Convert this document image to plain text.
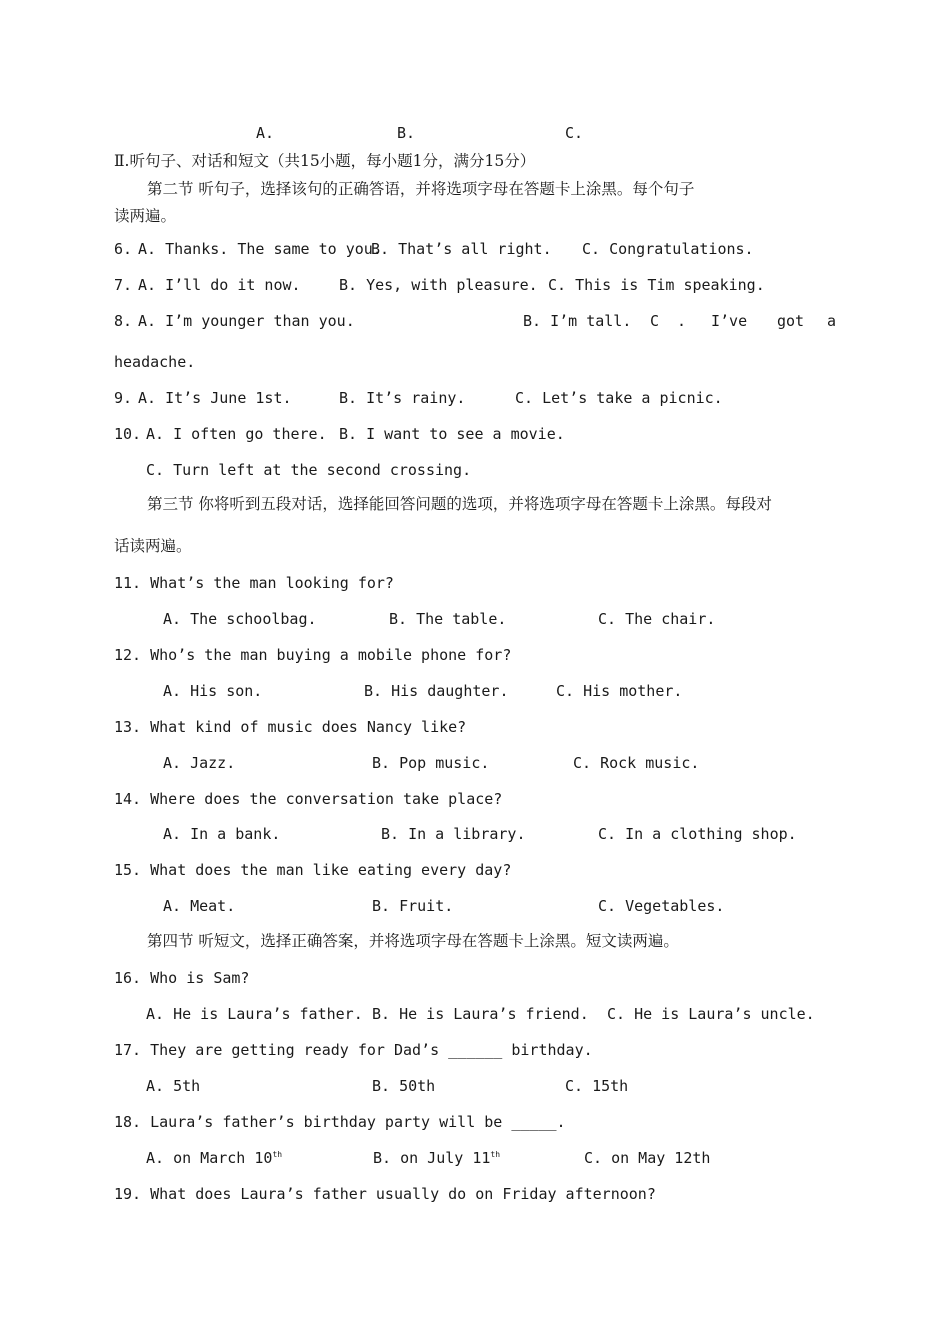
A.	B.	C.
Ⅱ.听句子、对话和短文（共15小题，每小题1分，满分15分）
第二节 听句子，选择该句的正确答语，并将选项字母在答题卡上涂黑。每个句子
读两遍。
6. A. Thanks. The same to you.
B. That’s all right. C. Congratulations.
7. A. I’ll do it now.	B. Yes, with pleasure. C. This is Tim speaking.
8. A. I’m younger than you.	B. I’m tall. C . I’ve got a
headache.
9. A. It’s June 1st.	B. It’s rainy.	C. Let’s take a picnic.
10. A. I often go there. B. I want to see a movie.
C. Turn left at the second crossing.
第三节 你将听到五段对话，选择能回答问题的选项，并将选项字母在答题卡上涂黑。每段对
话读两遍。
11. What’s the man looking for?
A. The schoolbag.	B. The table.	C. The chair.
12. Who’s the man buying a mobile phone for?
A. His son.	B. His daughter.	C. His mother.
13. What kind of music does Nancy like?
A. Jazz.	B. Pop music.	C. Rock music.
14. Where does the conversation take place?
A. In a bank.	B. In a library.	C. In a clothing shop.
15. What does the man like eating every day?
A. Meat.	B. Fruit.	C. Vegetables.
第四节 听短文，选择正确答案，并将选项字母在答题卡上涂黑。短文读两遍。
16. Who is Sam?
A. He is Laura’s father. B. He is Laura’s friend. C. He is Laura’s uncle.
17. They are getting ready for Dad’s ______ birthday.
A. 5th	B. 50th	C. 15th
18. Laura’s father’s birthday party will be _____.
A. on March 10th	B. on July 11th	C. on May 12th
19. What does Laura’s father usually do on Friday afternoon?
